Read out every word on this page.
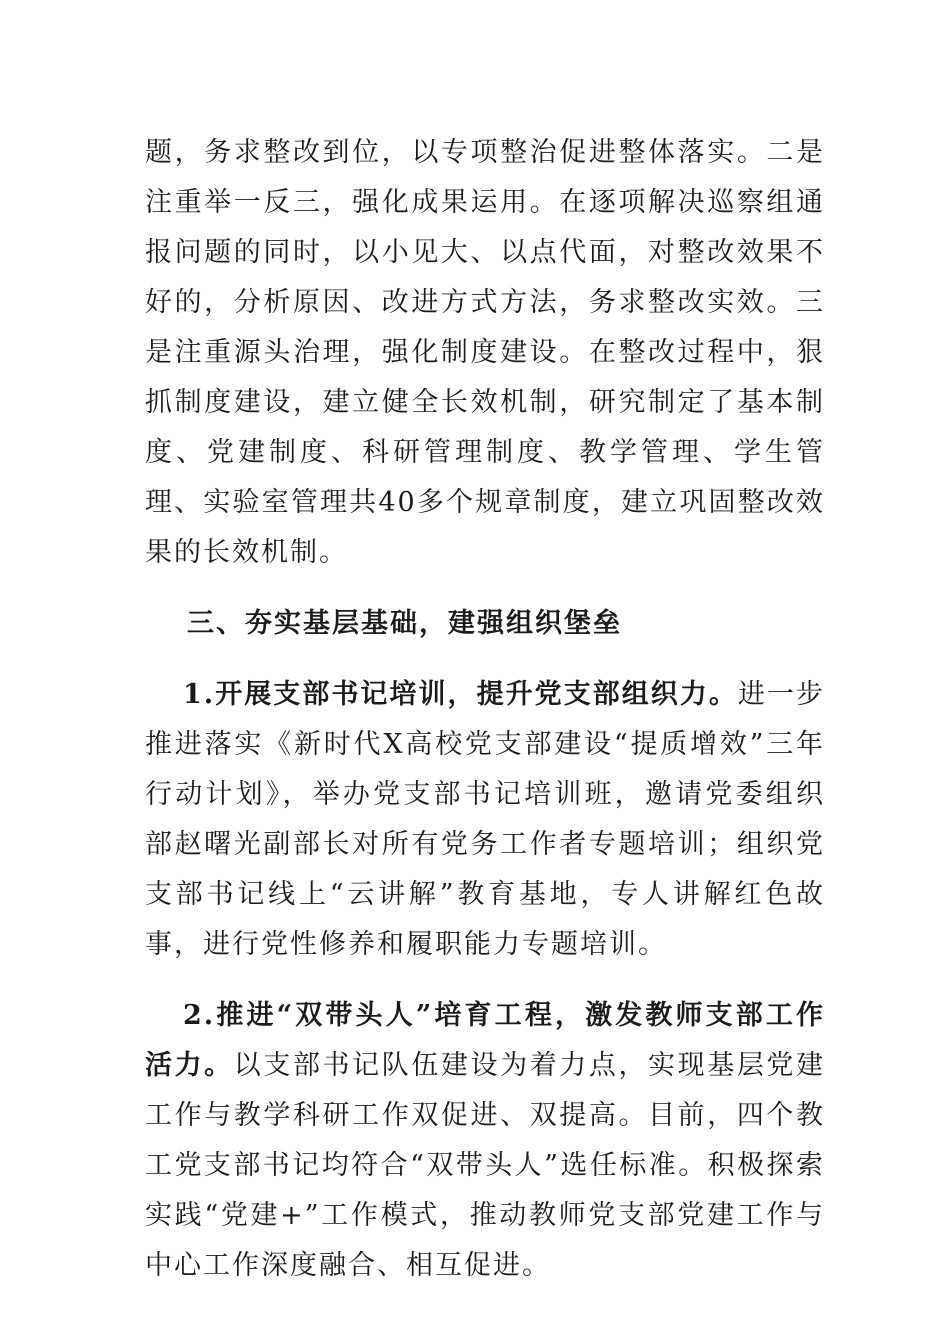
题，务求整改到位，以专项整治促进整体落实。二是注重举一反三，强化成果运用。在逐项解决巡察组通报问题的同时，以小见大、以点代面，对整改效果不好的，分析原因、改进方式方法，务求整改实效。三是注重源头治理，强化制度建设。在整改过程中，狠抓制度建设，建立健全长效机制，研究制定了基本制度、党建制度、科研管理制度、教学管理、学生管理、实验室管理共40多个规章制度，建立巩固整改效果的长效机制。

三、夯实基层基础，建强组织堡垒

1.开展支部书记培训，提升党支部组织力。进一步推进落实《新时代X高校党支部建设“提质增效”三年行动计划》，举办党支部书记培训班，邀请党委组织部赵曙光副部长对所有党务工作者专题培训；组织党支部书记线上“云讲解”教育基地，专人讲解红色故事，进行党性修养和履职能力专题培训。

2.推进“双带头人”培育工程，激发教师支部工作活力。以支部书记队伍建设为着力点，实现基层党建工作与教学科研工作双促进、双提高。目前，四个教工党支部书记均符合“双带头人”选任标准。积极探索实践“党建+”工作模式，推动教师党支部党建工作与中心工作深度融合、相互促进。
